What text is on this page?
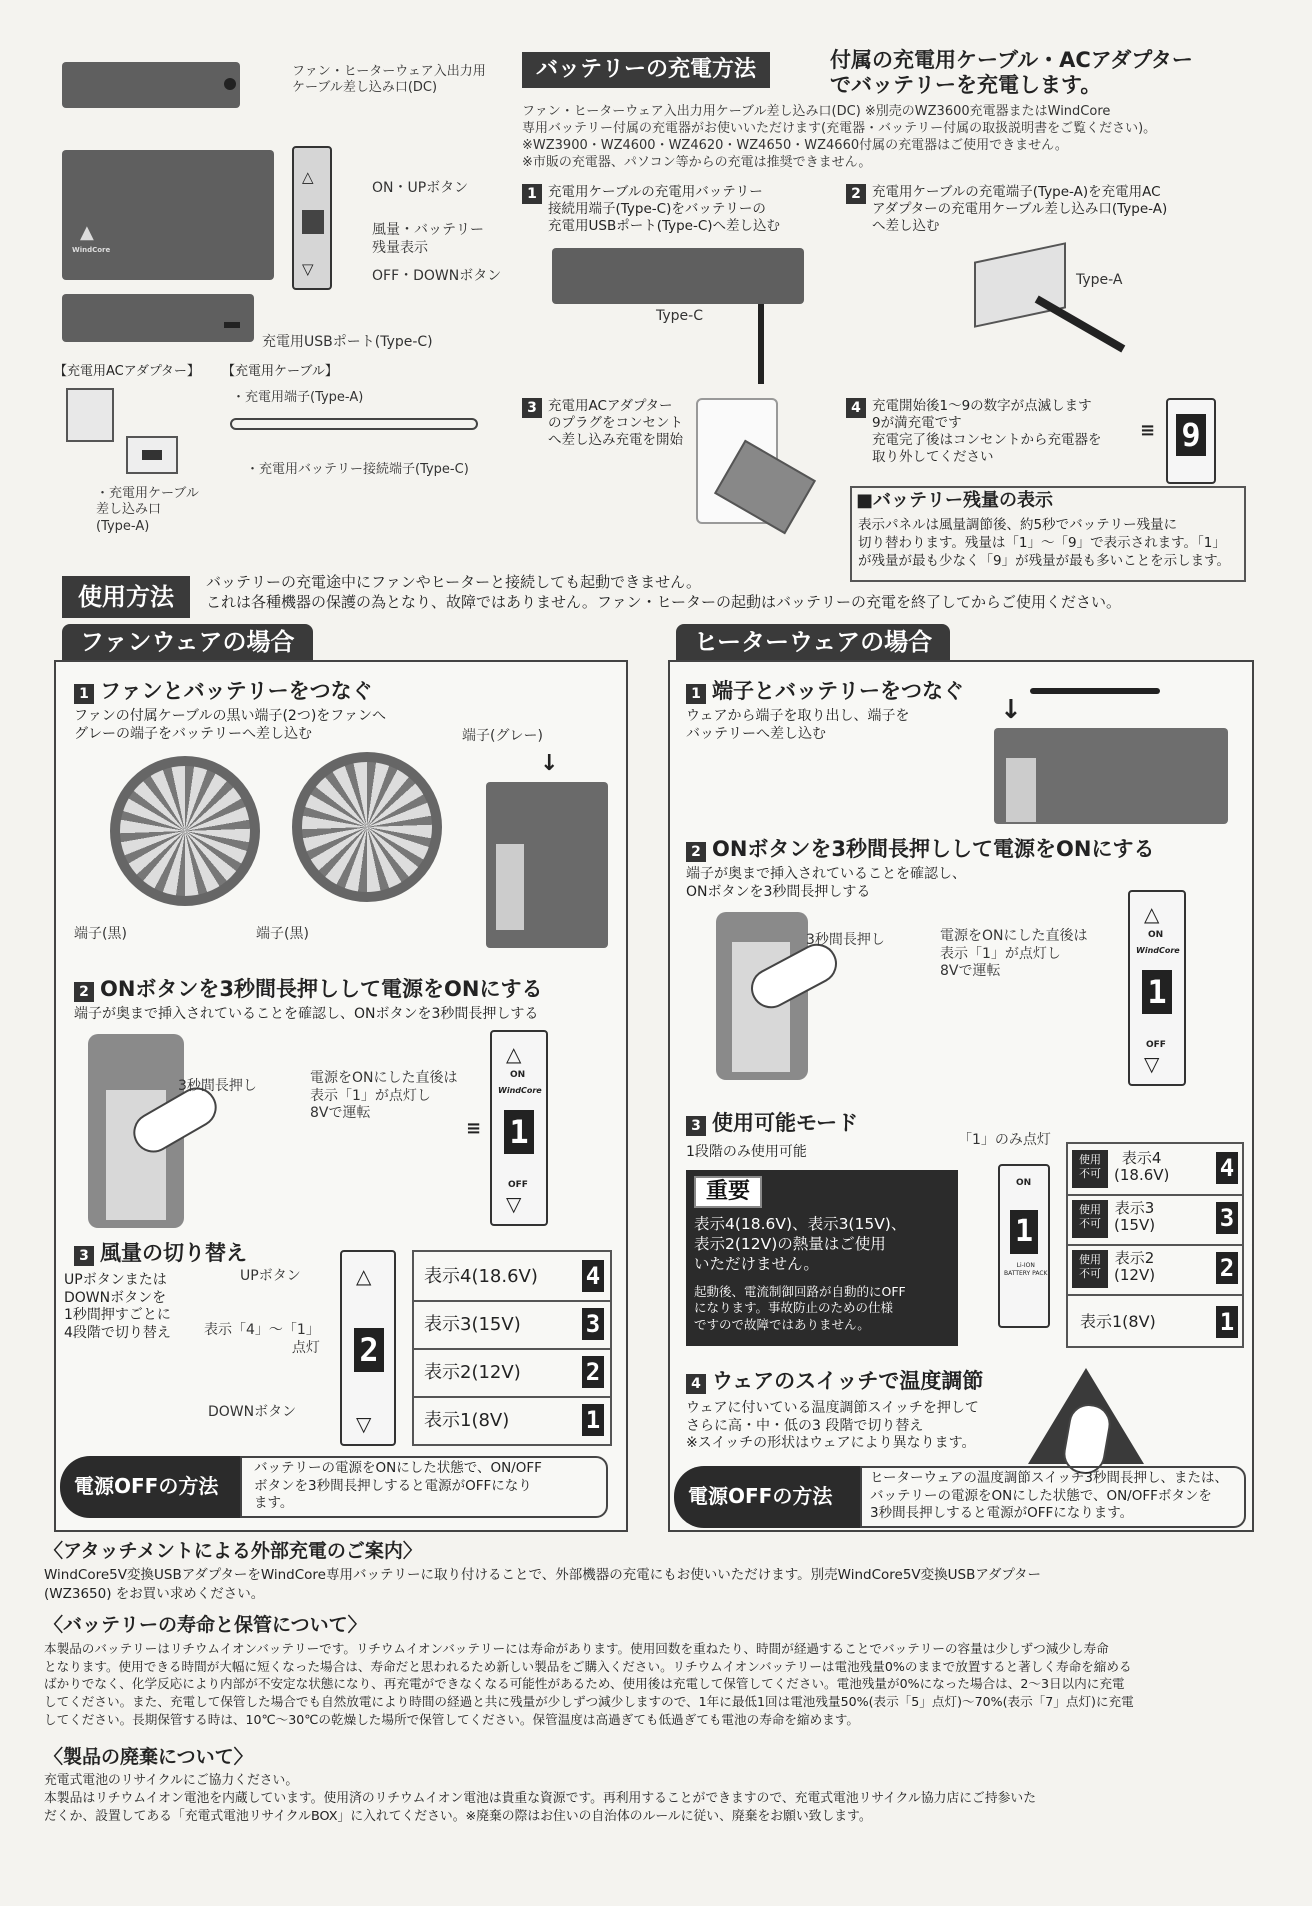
ファン・ヒーターウェア入出力用
ケーブル差し込み口(DC)
▲
WindCore
△
▽
ON・UPボタン
風量・バッテリー
残量表示
OFF・DOWNボタン
充電用USBポート(Type-C)
【充電用ACアダプター】
・充電用ケーブル
差し込み口
(Type-A)
【充電用ケーブル】
・充電用端子(Type-A)
・充電用バッテリー接続端子(Type-C)
バッテリーの充電方法	付属の充電用ケーブル・ACアダプター
でバッテリーを充電します。
ファン・ヒーターウェア入出力用ケーブル差し込み口(DC) ※別売のWZ3600充電器またはWindCore
専用バッテリー付属の充電器がお使いいただけます(充電器・バッテリー付属の取扱説明書をご覧ください)。
※WZ3900・WZ4600・WZ4620・WZ4650・WZ4660付属の充電器はご使用できません。
※市販の充電器、パソコン等からの充電は推奨できません。
1 充電用ケーブルの充電用バッテリー
接続用端子(Type-C)をバッテリーの
充電用USBポート(Type-C)へ差し込む
Type-C
2 充電用ケーブルの充電端子(Type-A)を充電用AC
アダプターの充電用ケーブル差し込み口(Type-A)
へ差し込む
Type-A
3 充電用ACアダプター
のプラグをコンセント
へ差し込み充電を開始
4 充電開始後1〜9の数字が点滅します
9が満充電です
充電完了後はコンセントから充電器を
取り外してください
9
≡
■バッテリー残量の表示
表示パネルは風量調節後、約5秒でバッテリー残量に
切り替わります。残量は「1」〜「9」で表示されます。「1」
が残量が最も少なく「9」が残量が最も多いことを示します。
使用方法
バッテリーの充電途中にファンやヒーターと接続しても起動できません。
これは各種機器の保護の為となり、故障ではありません。ファン・ヒーターの起動はバッテリーの充電を終了してからご使用ください。
ファンウェアの場合
1 ファンとバッテリーをつなぐ
ファンの付属ケーブルの黒い端子(2つ)をファンへ
グレーの端子をバッテリーへ差し込む	端子(グレー)
↓
端子(黒)	端子(黒)
2 ONボタンを3秒間長押しして電源をONにする
端子が奥まで挿入されていることを確認し、ONボタンを3秒間長押しする
3秒間長押し	電源をONにした直後は
表示「1」が点灯し
8Vで運転
△
ON
WindCore
1
OFF
▽
≡
3 風量の切り替え
UPボタンまたは
DOWNボタンを
1秒間押すごとに
4段階で切り替え
UPボタン
表示「4」〜「1」
点灯
DOWNボタン
△
2
▽
表示4(18.6V) 4
表示3(15V)	3
表示2(12V)	2
表示1(8V)	1
電源OFFの方法
バッテリーの電源をONにした状態で、ON/OFF
ボタンを3秒間長押しすると電源がOFFになり
ます。
ヒーターウェアの場合
1 端子とバッテリーをつなぐ
ウェアから端子を取り出し、端子を
バッテリーへ差し込む
↓
2 ONボタンを3秒間長押しして電源をONにする
端子が奥まで挿入されていることを確認し、
ONボタンを3秒間長押しする
3秒間長押し	電源をONにした直後は
表示「1」が点灯し
8Vで運転
△
ON
WindCore
1
OFF
▽
3 使用可能モード
1段階のみ使用可能
「1」のみ点灯
重要
表示4(18.6V)、表示3(15V)、
表示2(12V)の熱量はご使用
いただけません。
起動後、電流制御回路が自動的にOFF
になります。事故防止のための仕様
ですので故障ではありません。
ON
1
Li-ION
BATTERY PACK
使用
不可
表示4
(18.6V) 4
使用
不可
表示3
(15V)	3
使用
不可
表示2
(12V)	2
表示1(8V)	1
4 ウェアのスイッチで温度調節
ウェアに付いている温度調節スイッチを押して
さらに高・中・低の3 段階で切り替え
※スイッチの形状はウェアにより異なります。
電源OFFの方法
ヒーターウェアの温度調節スイッチ3秒間長押し、または、
バッテリーの電源をONにした状態で、ON/OFFボタンを
3秒間長押しすると電源がOFFになります。
〈アタッチメントによる外部充電のご案内〉
WindCore5V変換USBアダプターをWindCore専用バッテリーに取り付けることで、外部機器の充電にもお使いいただけます。別売WindCore5V変換USBアダプター
(WZ3650) をお買い求めください。
〈バッテリーの寿命と保管について〉
本製品のバッテリーはリチウムイオンバッテリーです。リチウムイオンバッテリーには寿命があります。使用回数を重ねたり、時間が経過することでバッテリーの容量は少しずつ減少し寿命
となります。使用できる時間が大幅に短くなった場合は、寿命だと思われるため新しい製品をご購入ください。リチウムイオンバッテリーは電池残量0%のままで放置すると著しく寿命を縮める
ばかりでなく、化学反応により内部が不安定な状態になり、再充電ができなくなる可能性があるため、使用後は充電して保管してください。電池残量が0%になった場合は、2〜3日以内に充電
してください。また、充電して保管した場合でも自然放電により時間の経過と共に残量が少しずつ減少しますので、1年に最低1回は電池残量50%(表示「5」点灯)〜70%(表示「7」点灯)に充電
してください。長期保管する時は、10℃〜30℃の乾燥した場所で保管してください。保管温度は高過ぎても低過ぎても電池の寿命を縮めます。
〈製品の廃棄について〉
充電式電池のリサイクルにご協力ください。
本製品はリチウムイオン電池を内蔵しています。使用済のリチウムイオン電池は貴重な資源です。再利用することができますので、充電式電池リサイクル協力店にご持参いた
だくか、設置してある「充電式電池リサイクルBOX」に入れてください。※廃棄の際はお住いの自治体のルールに従い、廃棄をお願い致します。
